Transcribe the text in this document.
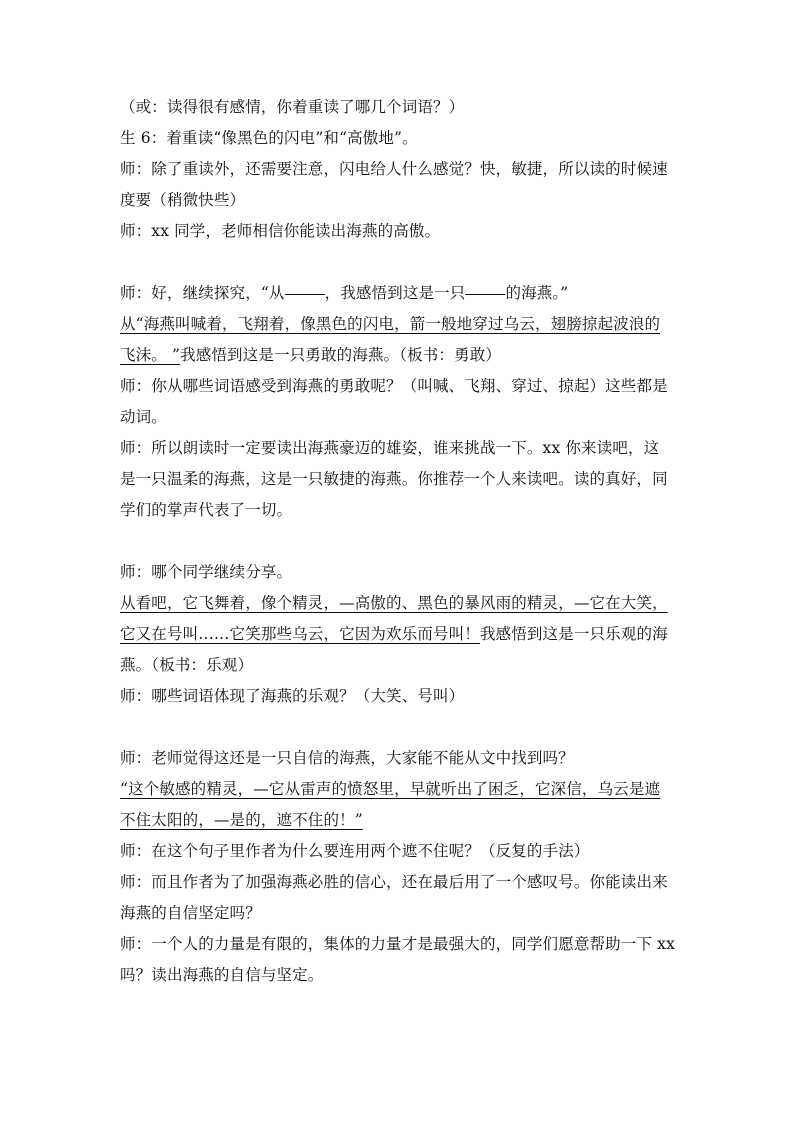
（或：读得很有感情，你着重读了哪几个词语？）
生 6：着重读“像黑色的闪电”和“高傲地”。
师：除了重读外，还需要注意，闪电给人什么感觉？快，敏捷，所以读的时候速
度要（稍微快些）
师：xx 同学，老师相信你能读出海燕的高傲。
师：好，继续探究，“从	，我感悟到这是一只	的海燕。”
从“海燕叫喊着，飞翔着，像黑色的闪电，箭一般地穿过乌云，翅膀掠起波浪的
飞沫。 ”我感悟到这是一只勇敢的海燕。（板书：勇敢）
师：你从哪些词语感受到海燕的勇敢呢？（叫喊、飞翔、穿过、掠起）这些都是
动词。
师：所以朗读时一定要读出海燕豪迈的雄姿，谁来挑战一下。xx 你来读吧，这
是一只温柔的海燕，这是一只敏捷的海燕。你推荐一个人来读吧。读的真好，同
学们的掌声代表了一切。
师：哪个同学继续分享。
从看吧，它飞舞着，像个精灵，—高傲的、黑色的暴风雨的精灵，—它在大笑，
它又在号叫……它笑那些乌云，它因为欢乐而号叫！我感悟到这是一只乐观的海
燕。（板书：乐观）
师：哪些词语体现了海燕的乐观？（大笑、号叫）
师：老师觉得这还是一只自信的海燕，大家能不能从文中找到吗？
“这个敏感的精灵，—它从雷声的愤怒里，早就听出了困乏，它深信，乌云是遮
不住太阳的，—是的，遮不住的！”
师：在这个句子里作者为什么要连用两个遮不住呢？（反复的手法）
师：而且作者为了加强海燕必胜的信心，还在最后用了一个感叹号。你能读出来
海燕的自信坚定吗？
师：一个人的力量是有限的，集体的力量才是最强大的，同学们愿意帮助一下 xx
吗？读出海燕的自信与坚定。
